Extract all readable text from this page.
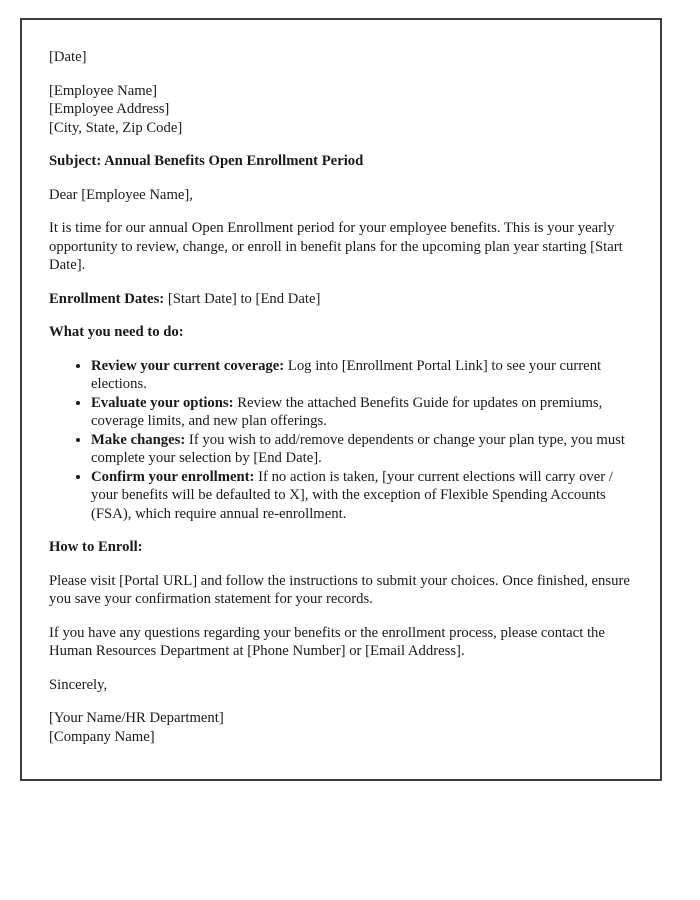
[Date]

[Employee Name]
[Employee Address]
[City, State, Zip Code]

Subject: Annual Benefits Open Enrollment Period

Dear [Employee Name],

It is time for our annual Open Enrollment period for your employee benefits. This is your yearly opportunity to review, change, or enroll in benefit plans for the upcoming plan year starting [Start Date].

Enrollment Dates: [Start Date] to [End Date]

What you need to do:

• Review your current coverage: Log into [Enrollment Portal Link] to see your current elections.
• Evaluate your options: Review the attached Benefits Guide for updates on premiums, coverage limits, and new plan offerings.
• Make changes: If you wish to add/remove dependents or change your plan type, you must complete your selection by [End Date].
• Confirm your enrollment: If no action is taken, [your current elections will carry over / your benefits will be defaulted to X], with the exception of Flexible Spending Accounts (FSA), which require annual re-enrollment.

How to Enroll:

Please visit [Portal URL] and follow the instructions to submit your choices. Once finished, ensure you save your confirmation statement for your records.

If you have any questions regarding your benefits or the enrollment process, please contact the Human Resources Department at [Phone Number] or [Email Address].

Sincerely,

[Your Name/HR Department]
[Company Name]
